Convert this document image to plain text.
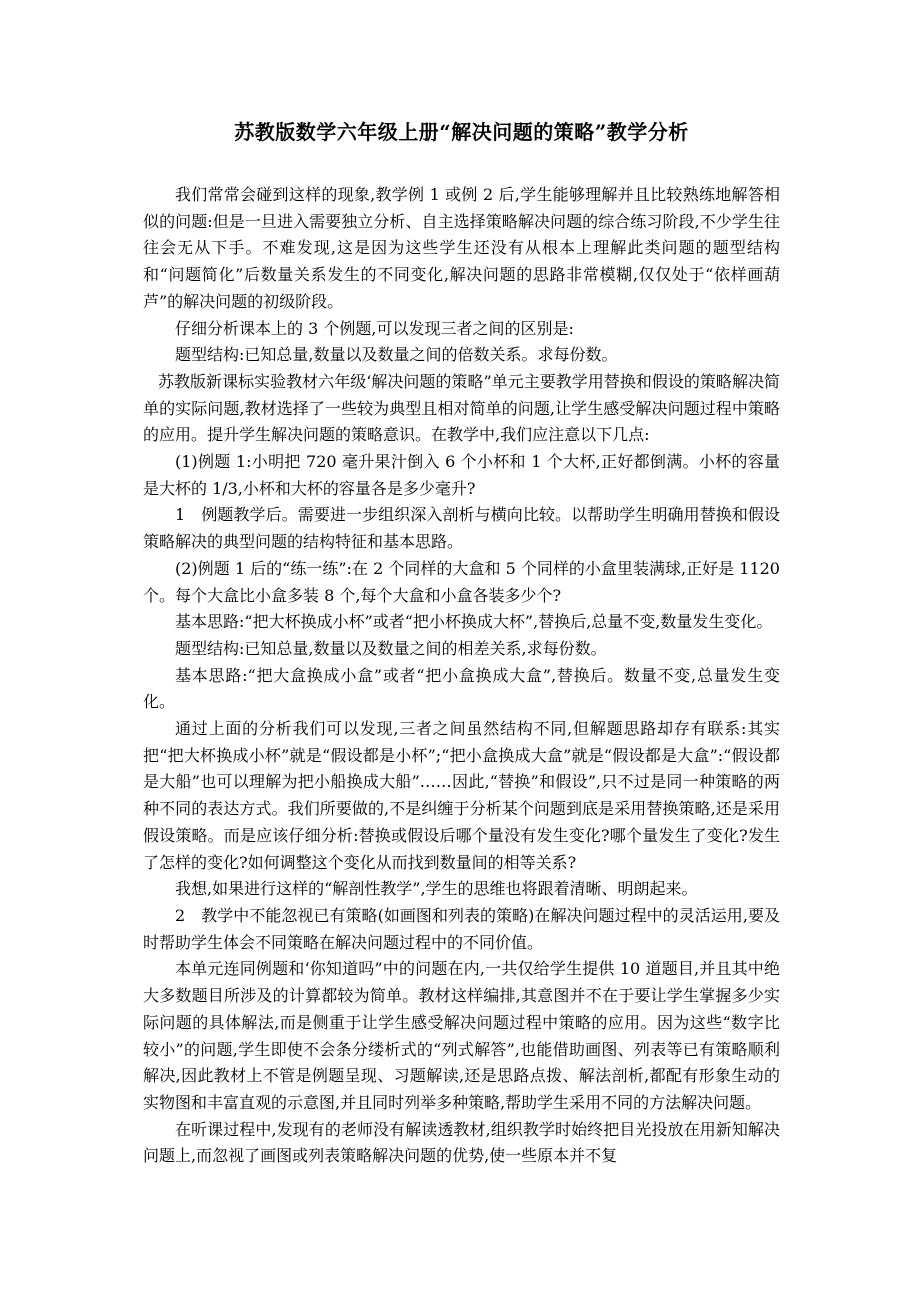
苏教版数学六年级上册“解决问题的策略”教学分析

我们常常会碰到这样的现象,教学例 1 或例 2 后,学生能够理解并且比较熟练地解答相似的问题:但是一旦进入需要独立分析、自主选择策略解决问题的综合练习阶段,不少学生往往会无从下手。不难发现,这是因为这些学生还没有从根本上理解此类问题的题型结构和“问题简化”后数量关系发生的不同变化,解决问题的思路非常模糊,仅仅处于“依样画葫芦”的解决问题的初级阶段。

仔细分析课本上的 3 个例题,可以发现三者之间的区别是:

题型结构:已知总量,数量以及数量之间的倍数关系。求每份数。

苏教版新课标实验教材六年级‘解决问题的策略”单元主要教学用替换和假设的策略解决简单的实际问题,教材选择了一些较为典型且相对简单的问题,让学生感受解决问题过程中策略的应用。提升学生解决问题的策略意识。在教学中,我们应注意以下几点:

(1)例题 1:小明把 720 毫升果汁倒入 6 个小杯和 1 个大杯,正好都倒满。小杯的容量是大杯的 1/3,小杯和大杯的容量各是多少毫升?

1　例题教学后。需要进一步组织深入剖析与横向比较。以帮助学生明确用替换和假设策略解决的典型问题的结构特征和基本思路。

(2)例题 1 后的“练一练”:在 2 个同样的大盒和 5 个同样的小盒里装满球,正好是 1120 个。每个大盒比小盒多装 8 个,每个大盒和小盒各装多少个?

基本思路:“把大杯换成小杯”或者“把小杯换成大杯”,替换后,总量不变,数量发生变化。

题型结构:已知总量,数量以及数量之间的相差关系,求每份数。

基本思路:“把大盒换成小盒”或者“把小盒换成大盒”,替换后。数量不变,总量发生变化。

通过上面的分析我们可以发现,三者之间虽然结构不同,但解题思路却存有联系:其实把“把大杯换成小杯”就是“假设都是小杯”;“把小盒换成大盒”就是“假设都是大盒”:“假设都是大船”也可以理解为把小船换成大船”……因此,“替换”和假设”,只不过是同一种策略的两种不同的表达方式。我们所要做的,不是纠缠于分析某个问题到底是采用替换策略,还是采用假设策略。而是应该仔细分析:替换或假设后哪个量没有发生变化?哪个量发生了变化?发生了怎样的变化?如何调整这个变化从而找到数量间的相等关系?

我想,如果进行这样的“解剖性教学”,学生的思维也将跟着清晰、明朗起来。

2　教学中不能忽视已有策略(如画图和列表的策略)在解决问题过程中的灵活运用,要及时帮助学生体会不同策略在解决问题过程中的不同价值。

本单元连同例题和‘你知道吗”中的问题在内,一共仅给学生提供 10 道题目,并且其中绝大多数题目所涉及的计算都较为简单。教材这样编排,其意图并不在于要让学生掌握多少实际问题的具体解法,而是侧重于让学生感受解决问题过程中策略的应用。因为这些“数字比较小”的问题,学生即使不会条分缕析式的“列式解答”,也能借助画图、列表等已有策略顺利解决,因此教材上不管是例题呈现、习题解读,还是思路点拨、解法剖析,都配有形象生动的实物图和丰富直观的示意图,并且同时列举多种策略,帮助学生采用不同的方法解决问题。

在听课过程中,发现有的老师没有解读透教材,组织教学时始终把目光投放在用新知解决问题上,而忽视了画图或列表策略解决问题的优势,使一些原本并不复
